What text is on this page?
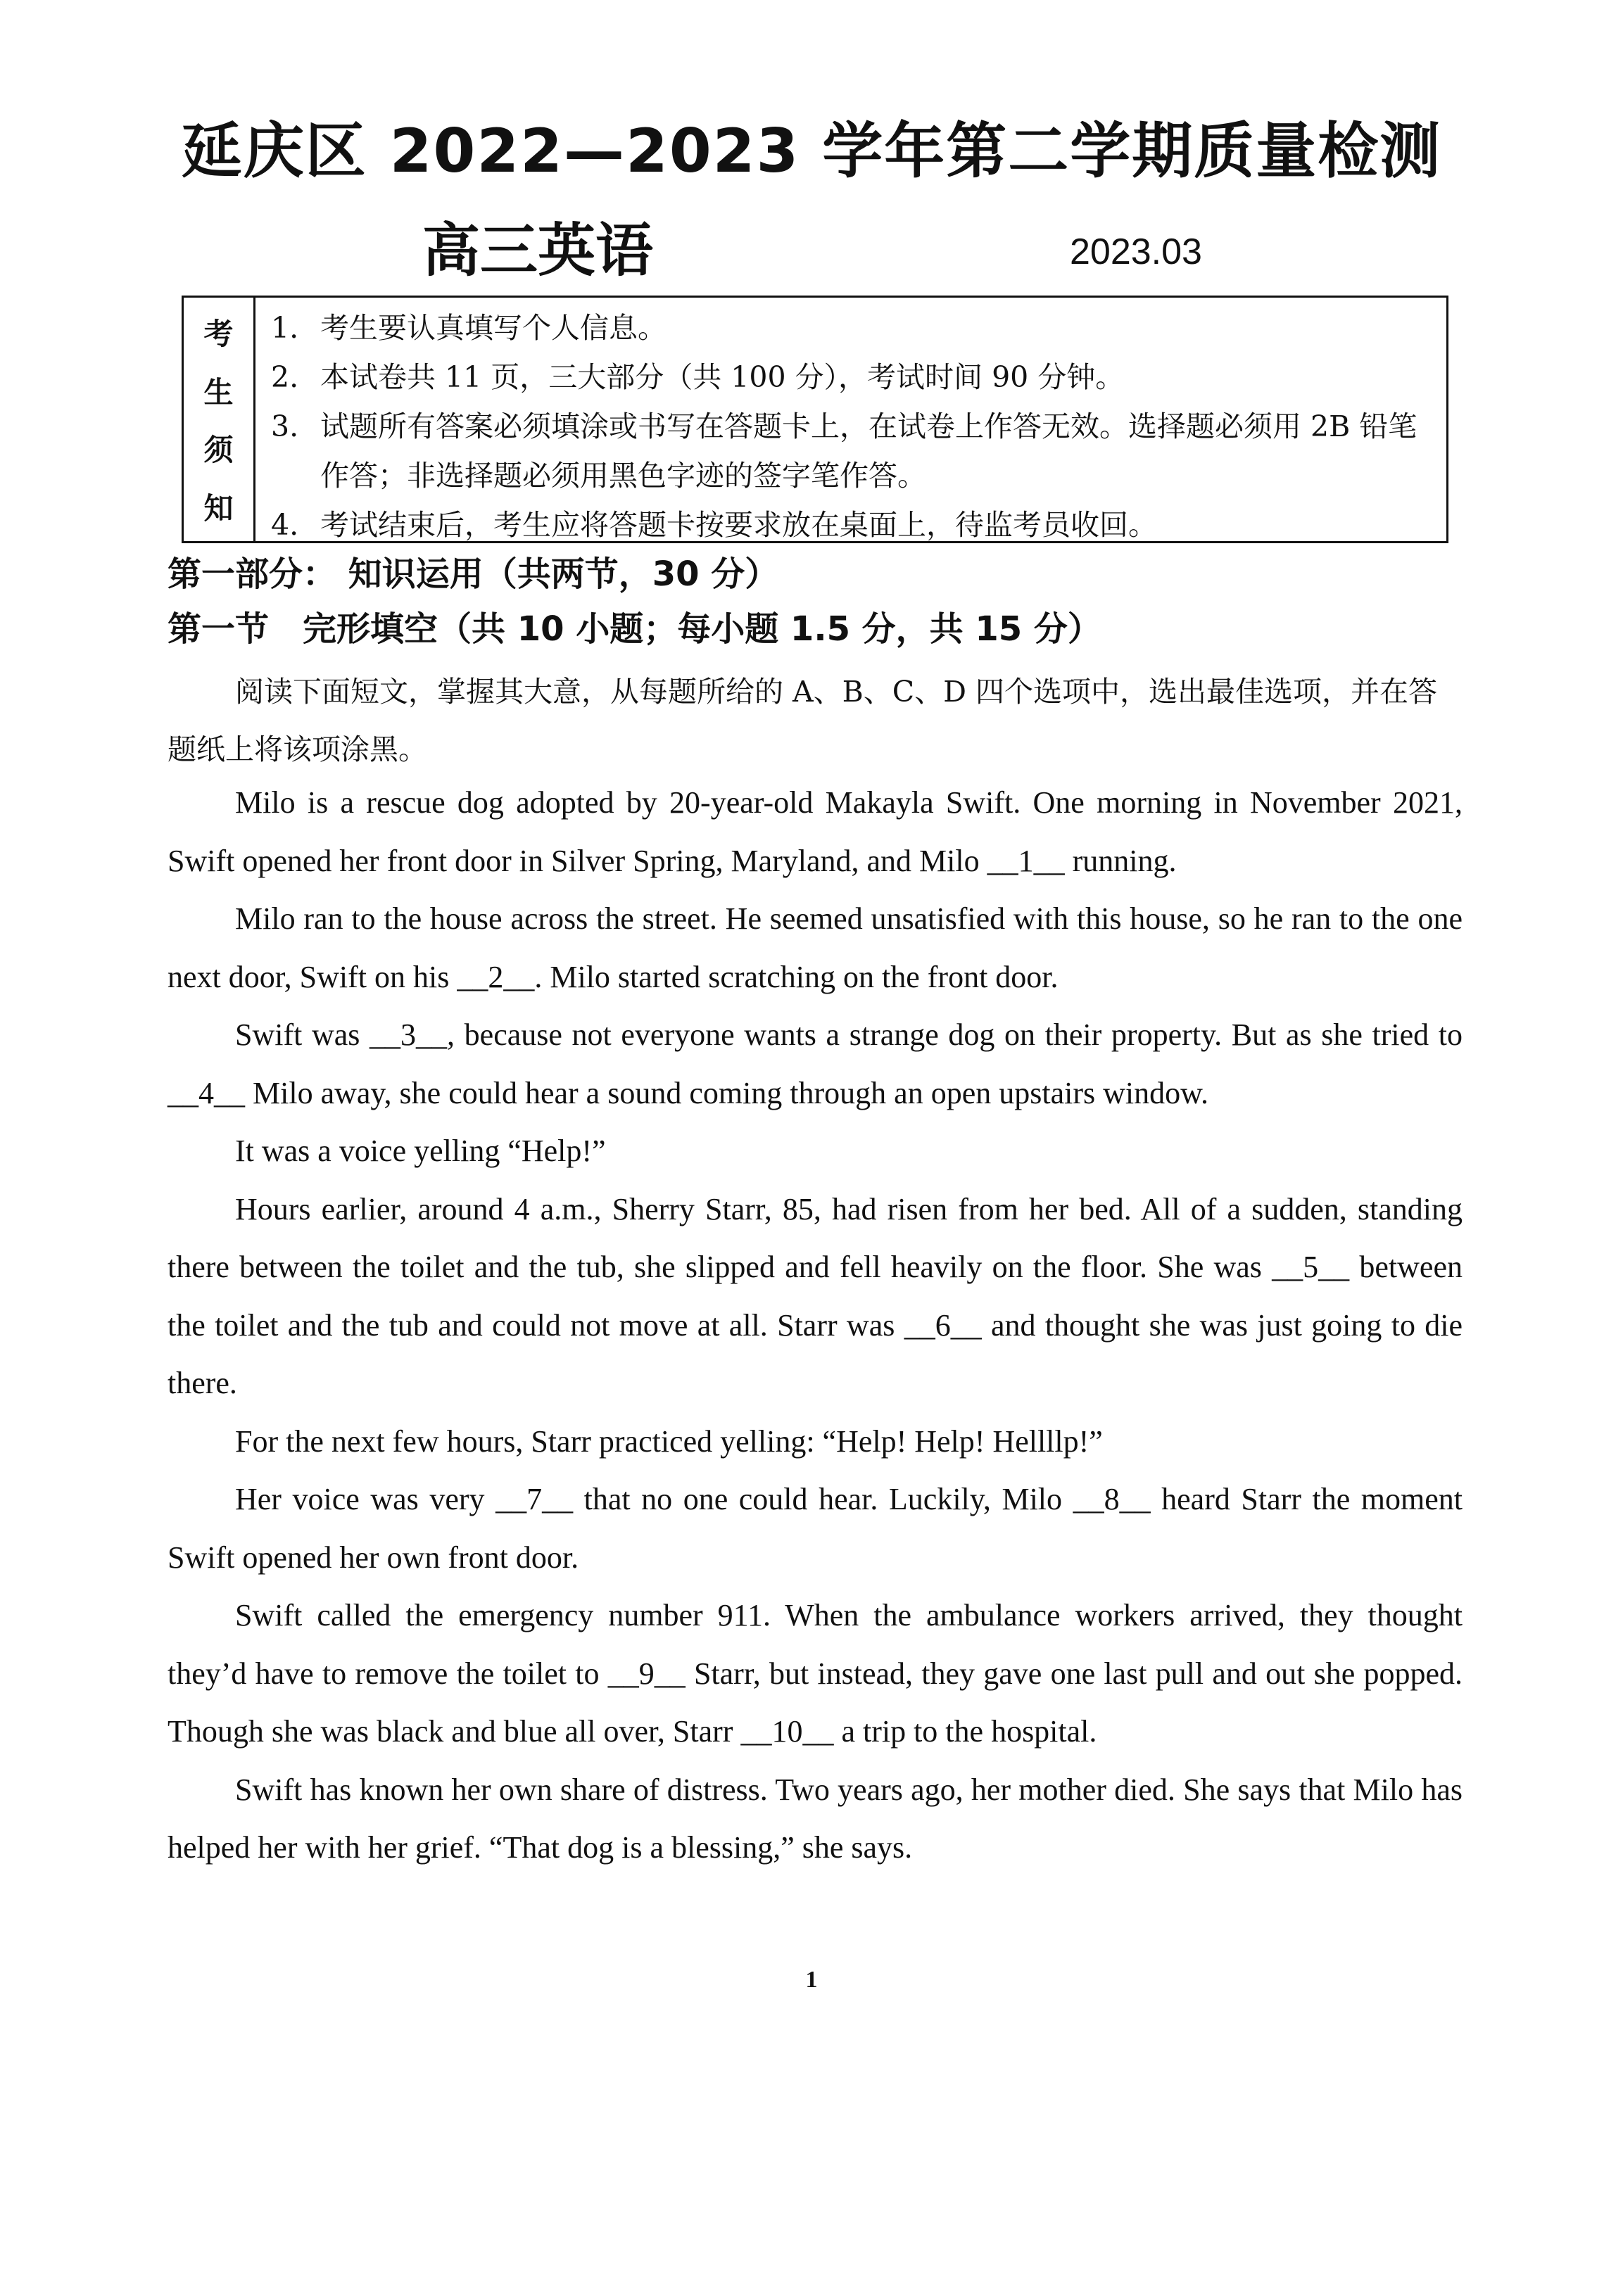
延庆区 2022—2023 学年第二学期质量检测
高三英语	2023.03
考
生
须
知
1. 考生要认真填写个人信息。
2. 本试卷共 11 页，三大部分（共 100 分），考试时间 90 分钟。
3. 试题所有答案必须填涂或书写在答题卡上，在试卷上作答无效。选择题必须用 2B 铅笔作答；非选择题必须用黑色字迹的签字笔作答。
4. 考试结束后，考生应将答题卡按要求放在桌面上，待监考员收回。
第一部分： 知识运用（共两节，30 分）
第一节　完形填空（共 10 小题；每小题 1.5 分，共 15 分）

阅读下面短文，掌握其大意，从每题所给的 A、B、C、D 四个选项中，选出最佳选项，并在答题纸上将该项涂黑。

Milo is a rescue dog adopted by 20-year-old Makayla Swift. One morning in November 2021, Swift opened her front door in Silver Spring, Maryland, and Milo __1__ running.

Milo ran to the house across the street. He seemed unsatisfied with this house, so he ran to the one next door, Swift on his __2__. Milo started scratching on the front door.

Swift was __3__, because not everyone wants a strange dog on their property. But as she tried to __4__ Milo away, she could hear a sound coming through an open upstairs window.

It was a voice yelling “Help!”

Hours earlier, around 4 a.m., Sherry Starr, 85, had risen from her bed. All of a sudden, standing there between the toilet and the tub, she slipped and fell heavily on the floor. She was __5__ between the toilet and the tub and could not move at all. Starr was __6__ and thought she was just going to die there.

For the next few hours, Starr practiced yelling: “Help! Help! Hellllp!”

Her voice was very __7__ that no one could hear. Luckily, Milo __8__ heard Starr the moment Swift opened her own front door.

Swift called the emergency number 911. When the ambulance workers arrived, they thought they’d have to remove the toilet to __9__ Starr, but instead, they gave one last pull and out she popped. Though she was black and blue all over, Starr __10__ a trip to the hospital.

Swift has known her own share of distress. Two years ago, her mother died. She says that Milo has helped her with her grief. “That dog is a blessing,” she says.

1
